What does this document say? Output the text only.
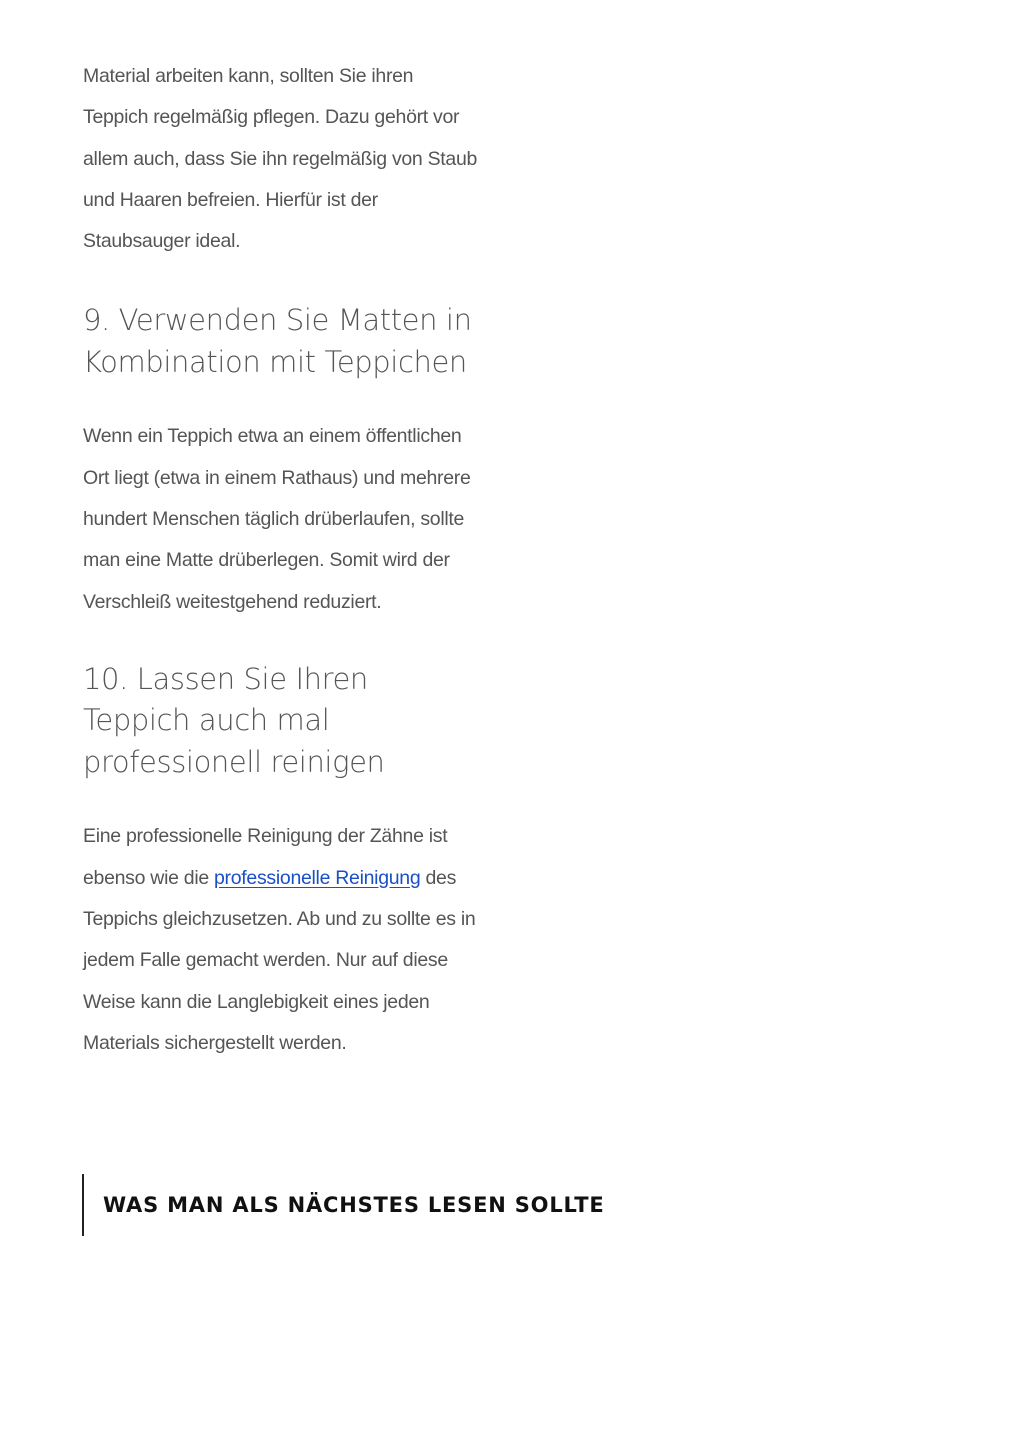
Material arbeiten kann, sollten Sie ihren Teppich regelmäßig pflegen. Dazu gehört vor allem auch, dass Sie ihn regelmäßig von Staub und Haaren befreien. Hierfür ist der Staubsauger ideal.

9. Verwenden Sie Matten in Kombination mit Teppichen

Wenn ein Teppich etwa an einem öffentlichen Ort liegt (etwa in einem Rathaus) und mehrere hundert Menschen täglich drüberlaufen, sollte man eine Matte drüberlegen. Somit wird der Verschleiß weitestgehend reduziert.

10. Lassen Sie Ihren Teppich auch mal professionell reinigen

Eine professionelle Reinigung der Zähne ist ebenso wie die professionelle Reinigung des Teppichs gleichzusetzen. Ab und zu sollte es in jedem Falle gemacht werden. Nur auf diese Weise kann die Langlebigkeit eines jeden Materials sichergestellt werden.

WAS MAN ALS NÄCHSTES LESEN SOLLTE
